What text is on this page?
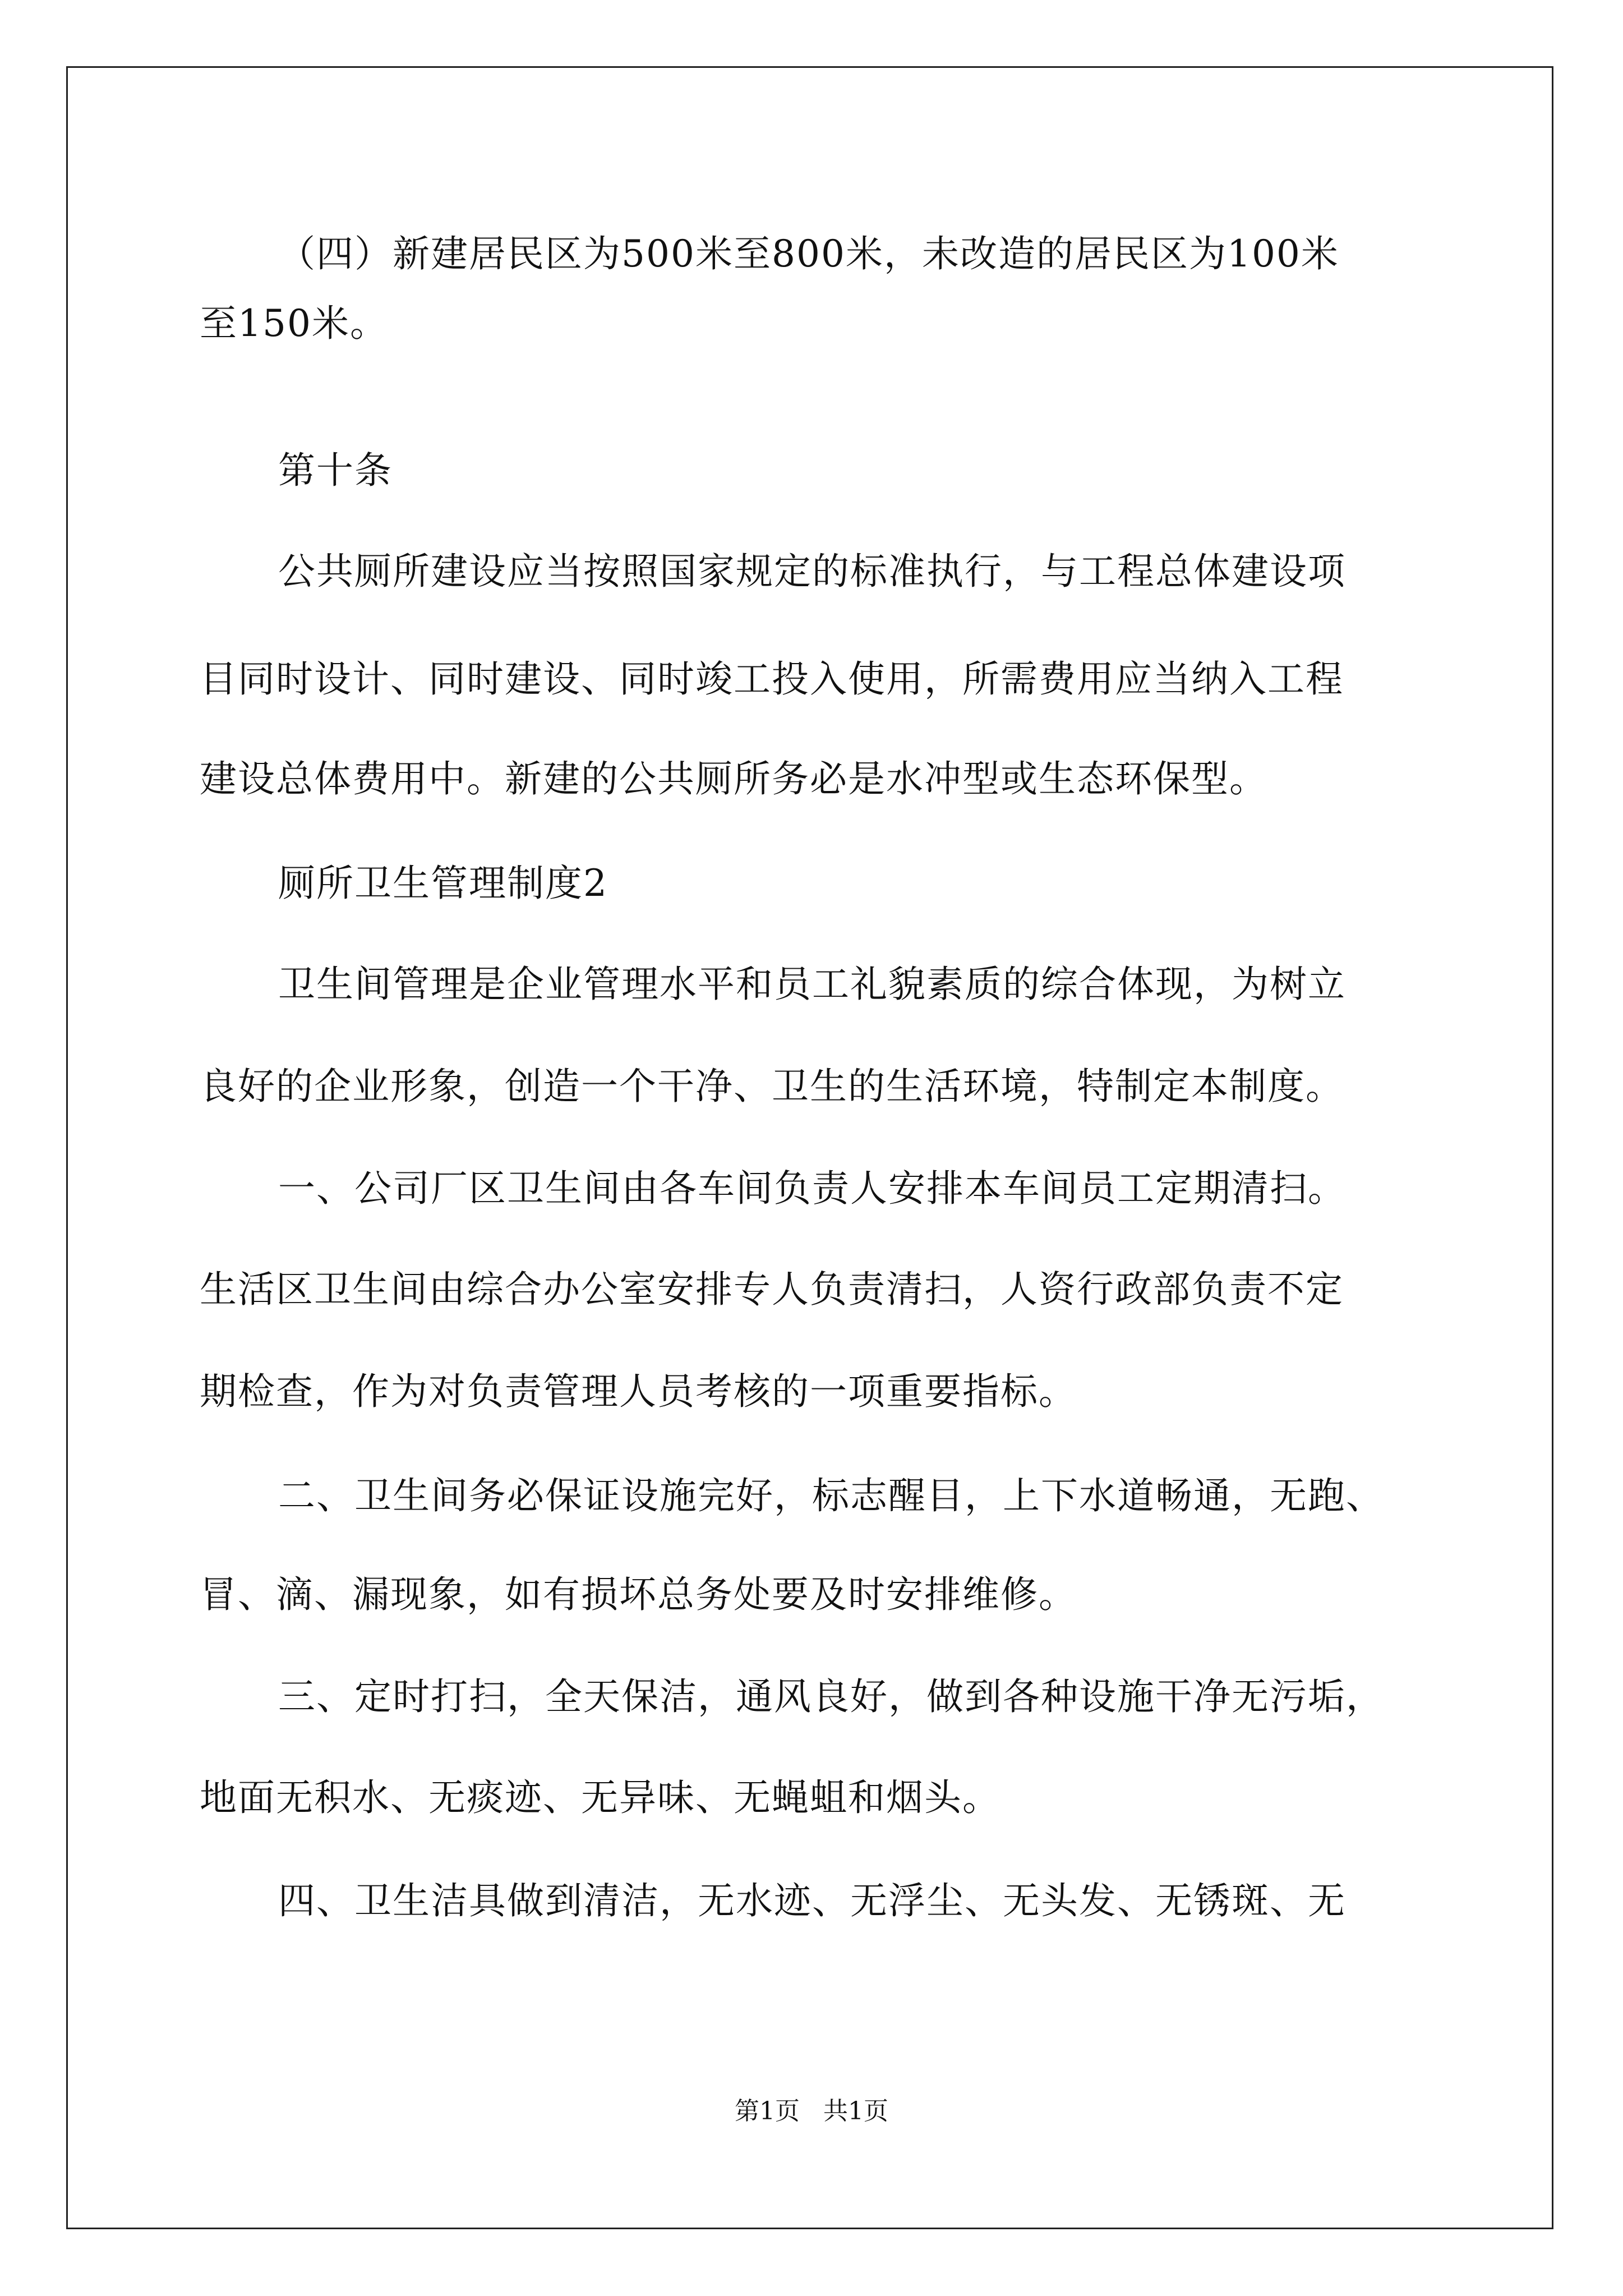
（四）新建居民区为500米至800米，未改造的居民区为100米
至150米。
第十条
公共厕所建设应当按照国家规定的标准执行，与工程总体建设项
目同时设计、同时建设、同时竣工投入使用，所需费用应当纳入工程
建设总体费用中。新建的公共厕所务必是水冲型或生态环保型。
厕所卫生管理制度2
卫生间管理是企业管理水平和员工礼貌素质的综合体现，为树立
良好的企业形象，创造一个干净、卫生的生活环境，特制定本制度。
一、公司厂区卫生间由各车间负责人安排本车间员工定期清扫。
生活区卫生间由综合办公室安排专人负责清扫，人资行政部负责不定
期检查，作为对负责管理人员考核的一项重要指标。
二、卫生间务必保证设施完好，标志醒目，上下水道畅通，无跑、
冒、滴、漏现象，如有损坏总务处要及时安排维修。
三、定时打扫，全天保洁，通风良好，做到各种设施干净无污垢，
地面无积水、无痰迹、无异味、无蝇蛆和烟头。
四、卫生洁具做到清洁，无水迹、无浮尘、无头发、无锈斑、无
第1页   共1页
